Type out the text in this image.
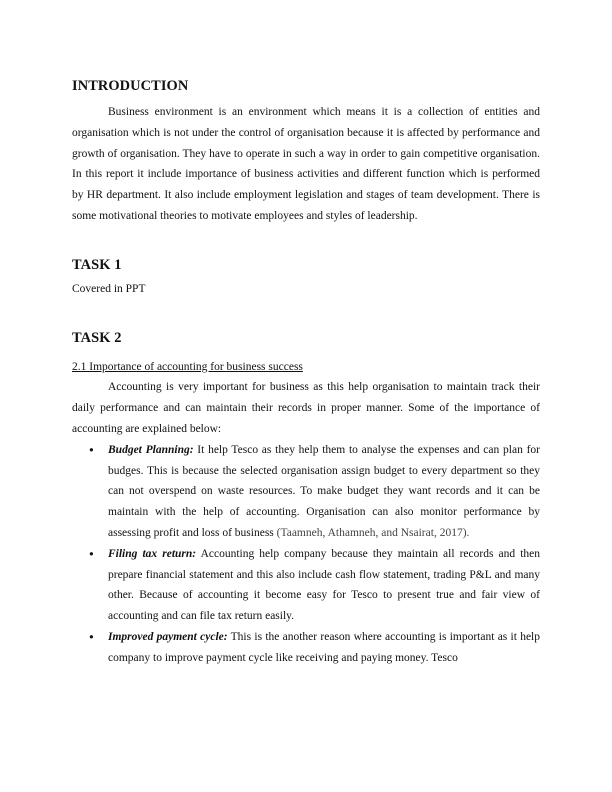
INTRODUCTION

Business environment is an environment which means it is a collection of entities and organisation which is not under the control of organisation because it is affected by performance and growth of organisation. They have to operate in such a way in order to gain competitive organisation. In this report it include importance of business activities and different function which is performed by HR department. It also include employment legislation and stages of team development. There is some motivational theories to motivate employees and styles of leadership.

TASK 1

Covered in PPT

TASK 2
2.1 Importance of accounting for business success

Accounting is very important for business as this help organisation to maintain track their daily performance and can maintain their records in proper manner. Some of the importance of accounting are explained below:

• Budget Planning: It help Tesco as they help them to analyse the expenses and can plan for budges. This is because the selected organisation assign budget to every department so they can not overspend on waste resources. To make budget they want records and it can be maintain with the help of accounting. Organisation can also monitor performance by assessing profit and loss of business (Taamneh, Athamneh, and Nsairat, 2017).

• Filing tax return: Accounting help company because they maintain all records and then prepare financial statement and this also include cash flow statement, trading P&L and many other. Because of accounting it become easy for Tesco to present true and fair view of accounting and can file tax return easily.

• Improved payment cycle: This is the another reason where accounting is important as it help company to improve payment cycle like receiving and paying money. Tesco
